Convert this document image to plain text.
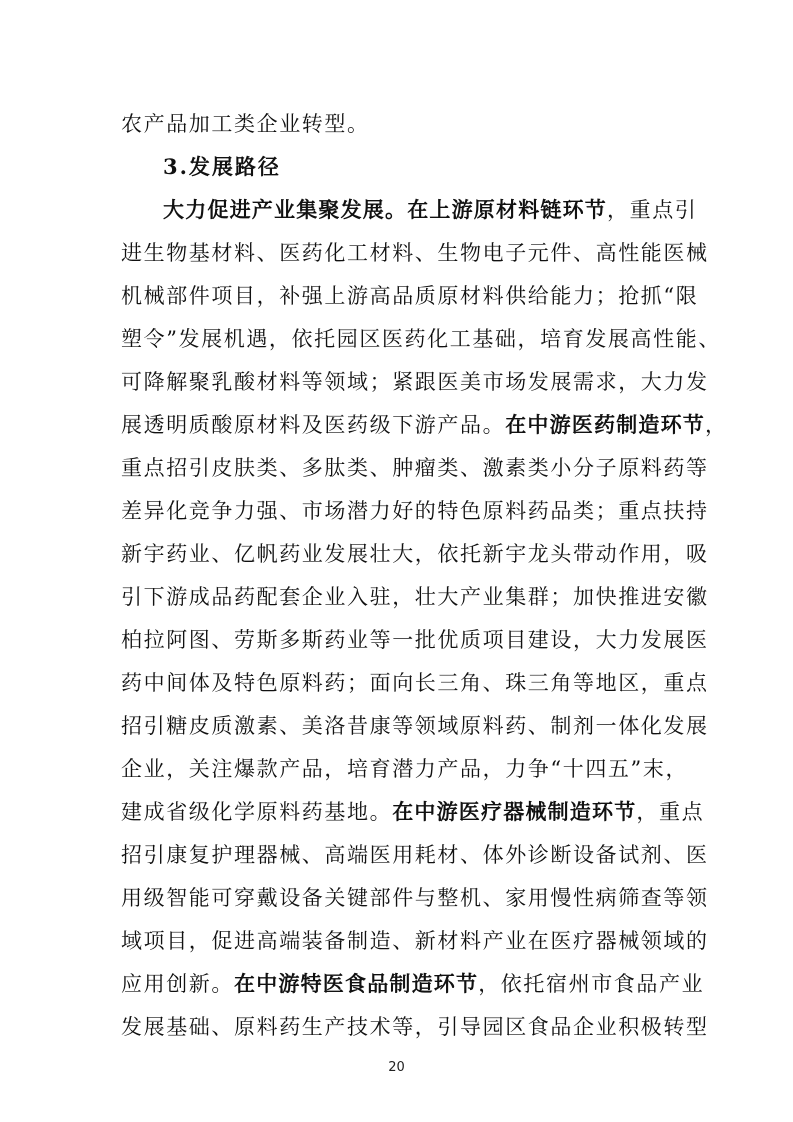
农产品加工类企业转型。
3.发展路径
大力促进产业集聚发展。在上游原材料链环节，重点引
进生物基材料、医药化工材料、生物电子元件、高性能医械
机械部件项目，补强上游高品质原材料供给能力；抢抓“限
塑令”发展机遇，依托园区医药化工基础，培育发展高性能、
可降解聚乳酸材料等领域；紧跟医美市场发展需求，大力发
展透明质酸原材料及医药级下游产品。在中游医药制造环节，
重点招引皮肤类、多肽类、肿瘤类、激素类小分子原料药等
差异化竞争力强、市场潜力好的特色原料药品类；重点扶持
新宇药业、亿帆药业发展壮大，依托新宇龙头带动作用，吸
引下游成品药配套企业入驻，壮大产业集群；加快推进安徽
柏拉阿图、劳斯多斯药业等一批优质项目建设，大力发展医
药中间体及特色原料药；面向长三角、珠三角等地区，重点
招引糖皮质激素、美洛昔康等领域原料药、制剂一体化发展
企业，关注爆款产品，培育潜力产品，力争“十四五”末，
建成省级化学原料药基地。在中游医疗器械制造环节，重点
招引康复护理器械、高端医用耗材、体外诊断设备试剂、医
用级智能可穿戴设备关键部件与整机、家用慢性病筛查等领
域项目，促进高端装备制造、新材料产业在医疗器械领域的
应用创新。在中游特医食品制造环节，依托宿州市食品产业
发展基础、原料药生产技术等，引导园区食品企业积极转型
20
